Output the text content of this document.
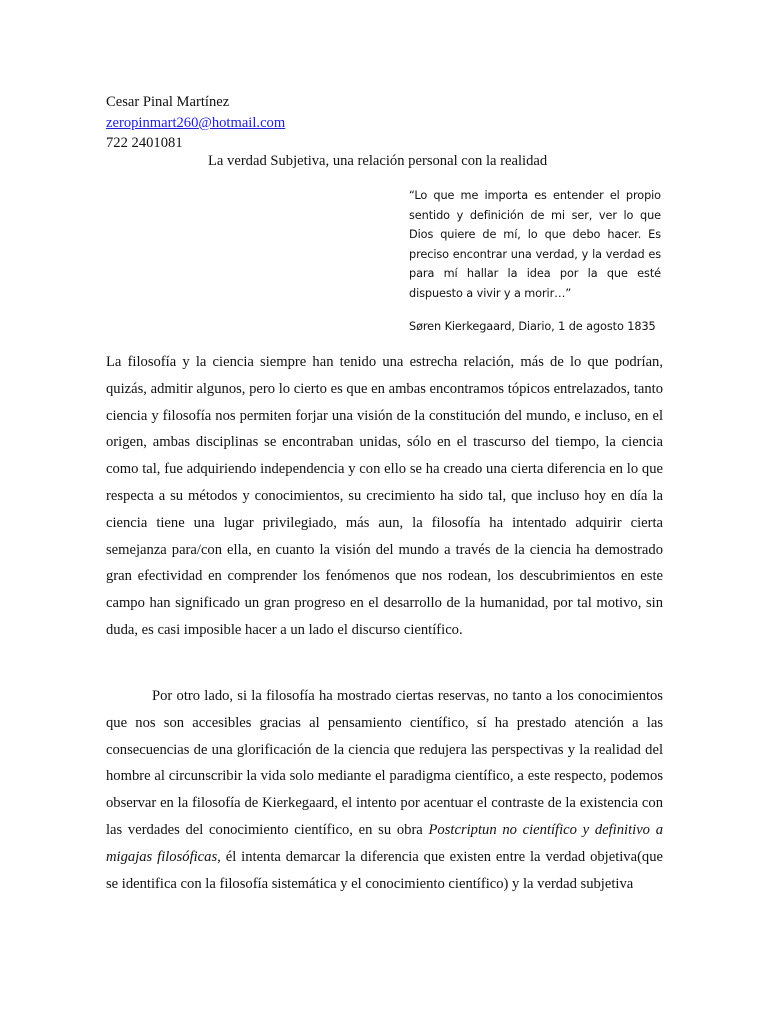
Cesar Pinal Martínez
zeropinmart260@hotmail.com
722 2401081
La verdad Subjetiva, una relación personal con la realidad
“Lo que me importa es entender el propio sentido y definición de mi ser, ver lo que Dios quiere de mí, lo que debo hacer. Es preciso encontrar una verdad, y la verdad es para mí hallar la idea por la que esté dispuesto a vivir y a morir…”
Søren Kierkegaard, Diario, 1 de agosto 1835
La filosofía y la ciencia siempre han tenido una estrecha relación, más de lo que podrían, quizás, admitir algunos, pero lo cierto es que en ambas encontramos tópicos entrelazados, tanto ciencia y filosofía nos permiten forjar una visión de la constitución del mundo, e incluso, en el origen, ambas disciplinas se encontraban unidas, sólo en el trascurso del tiempo, la ciencia como tal, fue adquiriendo independencia y con ello se ha creado una cierta diferencia en lo que respecta a su métodos y conocimientos, su crecimiento ha sido tal, que incluso hoy en día la ciencia tiene una lugar privilegiado, más aun, la filosofía ha intentado adquirir cierta semejanza para/con ella, en cuanto la visión del mundo a través de la ciencia ha demostrado gran efectividad en comprender los fenómenos que nos rodean, los descubrimientos en este campo han significado un gran progreso en el desarrollo de la humanidad, por tal motivo, sin duda, es casi imposible hacer a un lado el discurso científico.
Por otro lado, si la filosofía ha mostrado ciertas reservas, no tanto a los conocimientos que nos son accesibles gracias al pensamiento científico, sí ha prestado atención a las consecuencias de una glorificación de la ciencia que redujera las perspectivas y la realidad del hombre al circunscribir la vida solo mediante el paradigma científico, a este respecto, podemos observar en la filosofía de Kierkegaard, el intento por acentuar el contraste de la existencia con las verdades del conocimiento científico, en su obra Postcriptun no científico y definitivo a migajas filosóficas, él intenta demarcar la diferencia que existen entre la verdad objetiva(que se identifica con la filosofía sistemática y el conocimiento científico) y la verdad subjetiva
